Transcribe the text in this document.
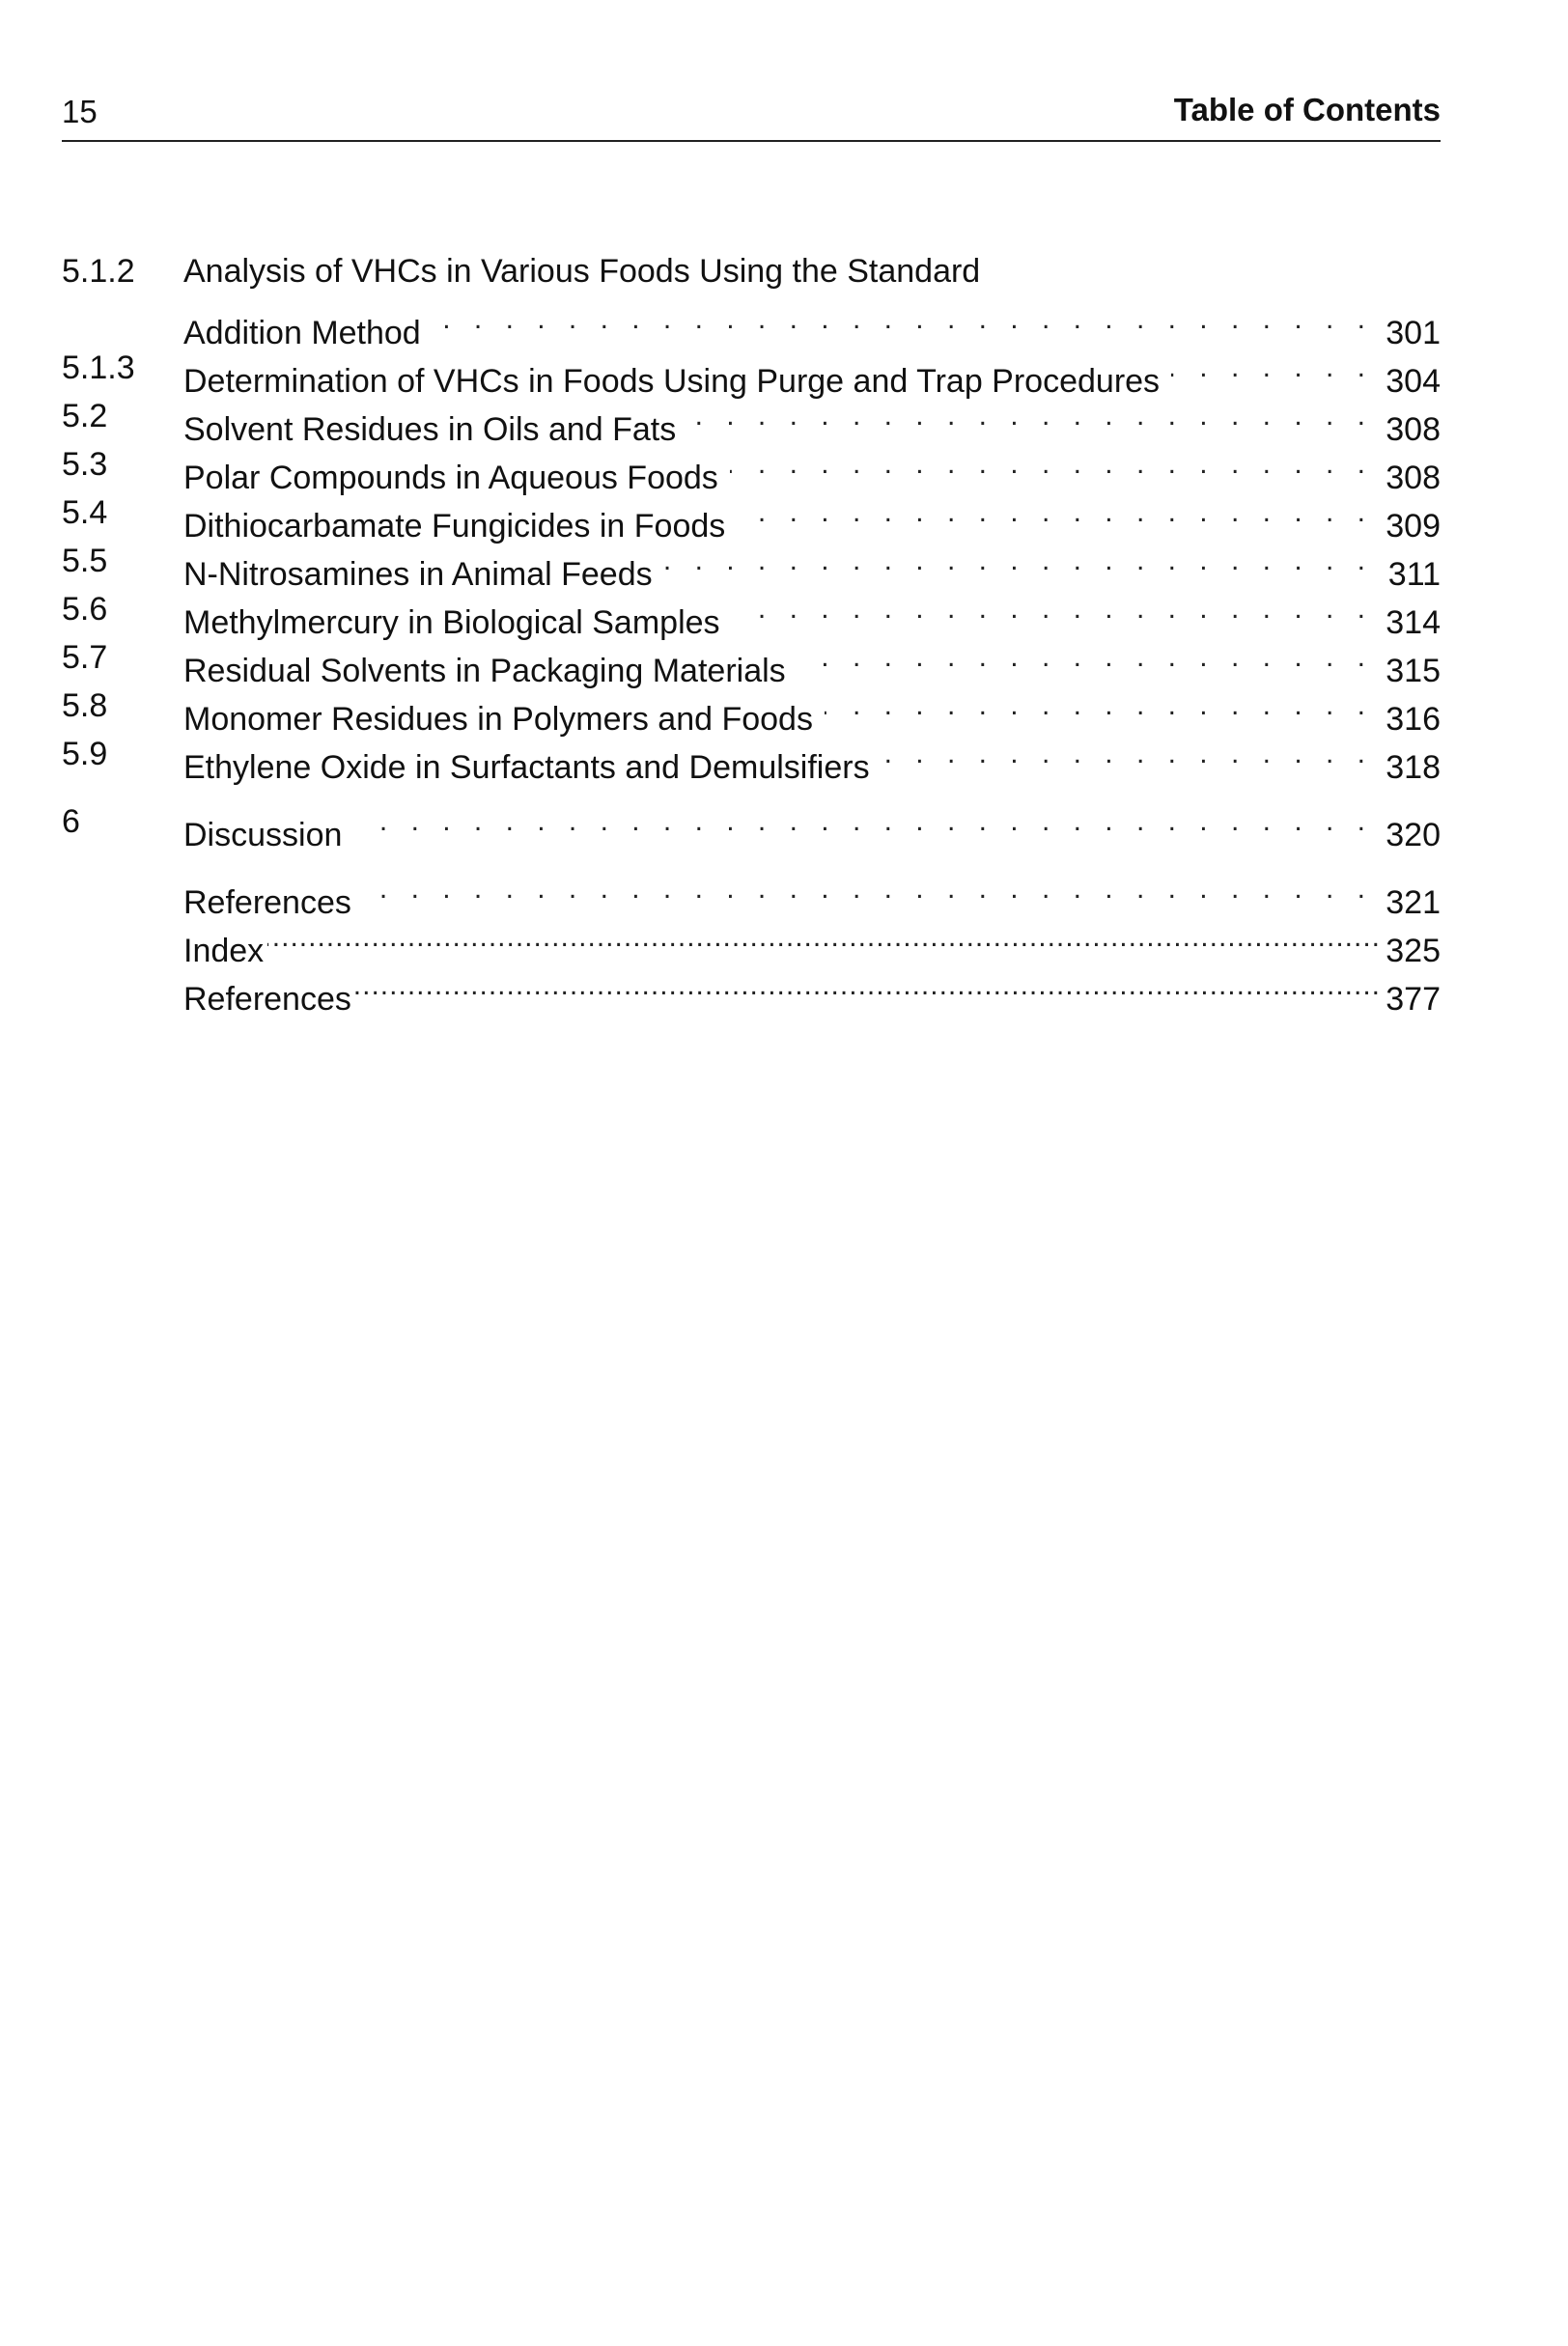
15	Table of Contents
5.1.2	Analysis of VHCs in Various Foods Using the Standard
Addition Method . . .	301
5.1.3	Determination of VHCs in Foods Using Purge and Trap Procedures . . .	304
5.2	Solvent Residues in Oils and Fats . . .	308
5.3	Polar Compounds in Aqueous Foods . . .	308
5.4	Dithiocarbamate Fungicides in Foods . . .	309
5.5	N-Nitrosamines in Animal Feeds . . .	311
5.6	Methylmercury in Biological Samples . . .	314
5.7	Residual Solvents in Packaging Materials . . .	315
5.8	Monomer Residues in Polymers and Foods . . .	316
5.9	Ethylene Oxide in Surfactants and Demulsifiers . . .	318
6	Discussion . . .	320
References . . .	321
Index .....	325
References .....	377
